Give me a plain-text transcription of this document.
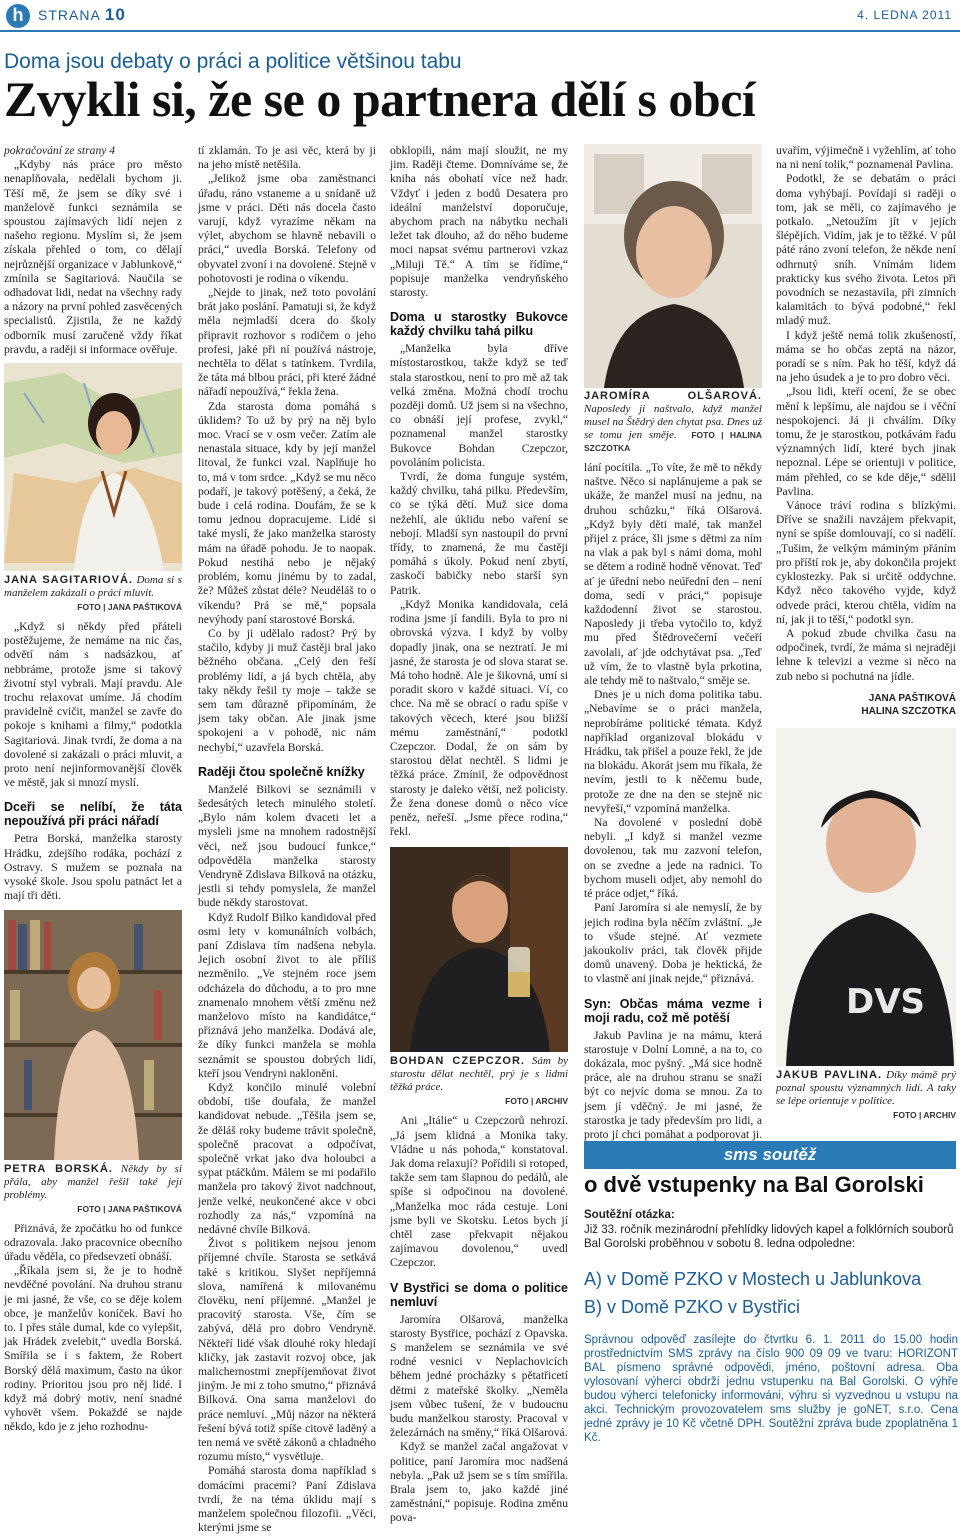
h	STRANA 10	4. LEDNA 2011
Doma jsou debaty o práci a politice většinou tabu
Zvykli si, že se o partnera dělí s obcí

pokračování ze strany 4

„Kdyby nás práce pro město nenaplňovala, nedělali bychom ji. Těší mě, že jsem se díky své i manželově funkci seznámila se spoustou zajímavých lidí nejen z našeho regionu. Myslím si, že jsem získala přehled o tom, co dělají nejrůznější organizace v Jablunkově,“ zmínila se Sagitariová. Naučila se odhadovat lidi, nedat na všechny rady a názory na první pohled zasvěcených specialistů. Zjistila, že ne každý odborník musí zaručeně vždy říkat pravdu, a raději si informace ověřuje.

JANA SAGITARIOVÁ. Doma si s manželem zakázali o práci mluvit.
FOTO | JANA PAŠTIKOVÁ

„Když si někdy před přáteli postěžujeme, že nemáme na nic čas, odvětí nám s nadsázkou, ať nebbráme, protože jsme si takový životní styl vybrali. Mají pravdu. Ale trochu relaxovat umíme. Já chodím pravidelně cvičit, manžel se zavře do pokoje s knihami a filmy,“ podotkla Sagitariová. Jinak tvrdí, že doma a na dovolené si zakázali o práci mluvit, a proto není nejinformovanější člověk ve městě, jak si mnozí myslí.

Dceři se nelíbí, že táta nepoužívá při práci nářadí

Petra Borská, manželka starosty Hrádku, zdejšího rodáka, pochází z Ostravy. S mužem se poznala na vysoké škole. Jsou spolu patnáct let a mají tři děti.

PETRA BORSKÁ. Někdy by si přála, aby manžel řešil také její problémy.
FOTO | JANA PAŠTIKOVÁ

Přiznává, že zpočátku ho od funkce odrazovala. Jako pracovnice obecního úřadu věděla, co předsevzetí obnáší.

„Říkala jsem si, že je to hodně nevděčné povolání. Na druhou stranu je mi jasné, že vše, co se děje kolem obce, je manželův koníček. Baví ho to. I přes stále dumal, kde co vylepšit, jak Hrádek zvelebit,“ uvedla Borská. Smířila se i s faktem, že Robert Borský dělá maximum, často na úkor rodiny. Prioritou jsou pro něj lidé. I když má dobrý motiv, není snadné vyhovět všem. Pokaždé se najde někdo, kdo je z jeho rozhodnu-

tí zklamán. To je asi věc, která by ji na jeho místě netěšila.

„Jelikož jsme oba zaměstnanci úřadu, ráno vstaneme a u snídaně už jsme v práci. Děti nás docela často varují, když vyrazíme někam na výlet, abychom se hlavně nebavili o práci,“ uvedla Borská. Telefony od obyvatel zvoní i na dovolené. Stejně v pohotovosti je rodina o víkendu.

„Nejde to jinak, než toto povolání brát jako poslání. Pamatuji si, že když měla nejmladší dcera do školy připravit rozhovor s rodičem o jeho profesi, jaké při ní používá nástroje, nechtěla to dělat s tatínkem. Tvrdila, že táta má blbou práci, při které žádné nářadí nepoužívá,“ řekla žena.

Zda starosta doma pomáhá s úklidem? To už by prý na něj bylo moc. Vrací se v osm večer. Zatím ale nenastala situace, kdy by její manžel litoval, že funkci vzal. Naplňuje ho to, má v tom srdce. „Když se mu něco podaří, je takový potěšený, a čeká, že bude i celá rodina. Doufám, že se k tomu jednou dopracujeme. Lidé si také myslí, že jako manželka starosty mám na úřadě pohodu. Je to naopak. Pokud nestihá nebo je nějaký problém, komu jinému by to zadal, že? Můžeš zůstat déle? Neuděláš to o víkendu? Prá se mě,“ popsala nevýhody paní starostové Borská.

Co by ji udělalo radost? Prý by stačilo, kdyby ji muž častěji bral jako běžného občana. „Celý den řeší problémy lidí, a já bych chtěla, aby taky někdy řešil ty moje – takže se sem tam důrazně připomínám, že jsem taky občan. Ale jinak jsme spokojeni a v pohodě, nic nám nechybí,“ uzavřela Borská.

Raději čtou společně knížky

Manželé Bilkovi se seznámili v šedesátých letech minulého století. „Bylo nám kolem dvaceti let a mysleli jsme na mnohem radostnější věci, než jsou budoucí funkce,“ odpověděla manželka starosty Vendryně Zdislava Bilková na otázku, jestli si tehdy pomyslela, že manžel bude někdy starostovat.

Když Rudolf Bilko kandidoval před osmi lety v komunálních volbách, paní Zdislava tím nadšena nebyla. Jejich osobní život to ale příliš nezměnilo. „Ve stejném roce jsem odcházela do důchodu, a to pro mne znamenalo mnohem větší změnu než manželovo místo na kandidátce,“ přiznává jeho manželka. Dodává ale, že díky funkci manžela se mohla seznámit se spoustou dobrých lidí, kteří jsou Vendryni nakloněni.

Když končilo minulé volební období, tiše doufala, že manžel kandidovat nebude. „Těšila jsem se, že děláš roky budeme trávit společně, společně pracovat a odpočívat, společně vrkat jako dva holoubci a sypat ptáčkům. Málem se mi podařilo manžela pro takový život nadchnout, jenže velké, neukončené akce v obci rozhodly za nás,“ vzpomíná na nedávné chvíle Bilková.

Život s politikem nejsou jenom příjemné chvíle. Starosta se setkává také s kritikou. Slyšet nepříjemná slova, namířená k milovanému člověku, není příjemné. „Manžel je pracovitý starosta. Vše, čím se zabývá, dělá pro dobro Vendryně. Někteří lidé však dlouhé roky hledají kličky, jak zastavit rozvoj obce, jak malichernostmi znepříjemňovat život jiným. Je mi z toho smutno,“ přiznává Bilková. Ona sama manželovi do práce nemluví. „Můj názor na některá řešení bývá totiž spíše citově laděný a ten nemá ve světě zákonů a chladného rozumu místo,“ vysvětluje.

Pomáhá starosta doma například s domácími pracemi? Paní Zdislava tvrdí, že na téma úklidu mají s manželem společnou filozofii. „Věci, kterými jsme se

obklopili, nám mají sloužit, ne my jim. Raději čteme. Domníváme se, že kniha nás obohatí více než hadr. Vždyť i jeden z bodů Desatera pro ideální manželství doporučuje, abychom prach na nábytku nechali ležet tak dlouho, až do něho budeme moci napsat svému partnerovi vzkaz „Miluji Tě.“ A tím se řídíme,“ popisuje manželka vendryňského starosty.

Doma u starostky Bukovce každý chvilku tahá pilku

„Manželka byla dříve místostarostkou, takže když se teď stala starostkou, není to pro mě až tak velká změna. Možná chodí trochu později domů. Už jsem si na všechno, co obnáší její profese, zvykl,“ poznamenal manžel starostky Bukovce Bohdan Czepczor, povoláním policista.

Tvrdí, že doma funguje systém, každý chvilku, tahá pilku. Především, co se týká dětí. Muž sice doma nežehlí, ale úklidu nebo vaření se nebojí. Mladší syn nastoupil do první třídy, to znamená, že mu častěji pomáhá s úkoly. Pokud není zbytí, zaskočí babičky nebo starší syn Patrik.

„Když Monika kandidovala, celá rodina jsme jí fandili. Byla to pro ni obrovská výzva. I když by volby dopadly jinak, ona se neztratí. Je mi jasné, že starosta je od slova starat se. Má toho hodně. Ale je šikovná, umí si poradit skoro v každé situaci. Ví, co chce. Na mě se obrací o radu spíše v takových věcech, které jsou bližší mému zaměstnání,“ podotkl Czepczor. Dodal, že on sám by starostou dělat nechtěl. S lidmi je těžká práce. Zmínil, že odpovědnost starosty je daleko větší, než policisty. Že žena donese domů o něco více peněz, neřeší. „Jsme přece rodina,“ řekl.

BOHDAN CZEPCZOR. Sám by starostu dělat nechtěl, prý je s lidmi těžká práce.
FOTO | ARCHIV

Ani „Itálie“ u Czepczorů nehrozí. „Já jsem klidná a Monika taky. Vládne u nás pohoda,“ konstatoval. Jak doma relaxují? Pořídili si rotoped, takže sem tam šlapnou do pedálů, ale spíše si odpočinou na dovolené. „Manželka moc ráda cestuje. Loni jsme byli ve Skotsku. Letos bych jí chtěl zase překvapit nějakou zajímavou dovolenou,“ uvedl Czepczor.

V Bystřici se doma o politice nemluví

Jaromíra Olšarová, manželka starosty Bystřice, pochází z Opavska. S manželem se seznámila ve své rodné vesnici v Neplachovicích během jedné procházky s pětatřicetí dětmi z mateřské školky. „Neměla jsem vůbec tušení, že v budoucnu budu manželkou starosty. Pracoval v železárnách na směny,“ říká Olšarová.

Když se manžel začal angažovat v politice, paní Jaromíra moc nadšená nebyla. „Pak už jsem se s tím smířila. Brala jsem to, jako každé jiné zaměstnání,“ popisuje. Rodina změnu pova-

JAROMÍRA OLŠAROVÁ. Naposledy ji naštvalo, když manžel musel na Štědrý den chytat psa. Dnes už se tomu jen směje. FOTO | HALINA SZCZOTKA

lání pocítila. „To víte, že mě to někdy naštve. Něco si naplánujeme a pak se ukáže, že manžel musí na jednu, na druhou schůzku,“ říká Olšarová. „Když byly děti malé, tak manžel přijel z práce, šli jsme s dětmi za ním na vlak a pak byl s námi doma, mohl se dětem a rodině hodně věnovat. Teď ať je úřední nebo neúřední den – není doma, sedí v práci,“ popisuje každodenní život se starostou. Naposledy ji třeba vytočilo to, když mu před Štědrovečerní večeří zavolali, ať jde odchytávat psa. „Teď už vím, že to vlastně byla prkotina, ale tehdy mě to naštvalo,“ směje se.

Dnes je u nich doma politika tabu. „Nebavíme se o práci manžela, neprobíráme politické témata. Když například organizoval blokádu v Hrádku, tak přišel a pouze řekl, že jde na blokádu. Akorát jsem mu říkala, že nevím, jestli to k něčemu bude, protože ze dne na den se stejně nic nevyřeší,“ vzpomíná manželka.

Na dovolené v poslední době nebyli. „I když si manžel vezme dovolenou, tak mu zazvoní telefon, on se zvedne a jede na radnici. To bychom museli odjet, aby nemohl do té práce odjet,“ říká.

Paní Jaromíra si ale nemyslí, že by jejich rodina byla něčím zvláštní. „Je to všude stejné. Ať vezmete jakoukoliv práci, tak člověk přijde domů unavený. Doba je hektická, že to vlastně ani jinak nejde,“ přiznává.

Syn: Občas máma vezme i moji radu, což mě potěší

Jakub Pavlina je na mámu, která starostuje v Dolní Lomné, a na to, co dokázala, moc pyšný. „Má sice hodně práce, ale na druhou stranu se snaží být co nejvíc doma se mnou. Za to jsem jí vděčný. Je mi jasné, že starostka je tady především pro lidi, a proto jí chci pomáhat a podporovat ji.

uvařím, výjimečně i vyžehlím, ať toho na ni není tolik,“ poznamenal Pavlina.

Podotkl, že se debatám o práci doma vyhýbají. Povídají si raději o tom, jak se měli, co zajímavého je potkalo. „Netoužím jít v jejích šlépějích. Vidím, jak je to těžké. V půl páté ráno zvoní telefon, že někde není odhrnutý sníh. Vnímám lidem prakticky kus svého života. Letos při povodních se nezastavila, při zimních kalamitách to bývá podobné,“ řekl mladý muž.

I když ještě nemá tolik zkušeností, máma se ho občas zeptá na názor, poradí se s ním. Pak ho těší, když dá na jeho úsudek a je to pro dobro věci.

„Jsou lidi, kteří ocení, že se obec mění k lepšímu, ale najdou se i věční nespokojenci. Já ji chválím. Díky tomu, že je starostkou, potkávám řadu významných lidí, které bych jinak nepoznal. Lépe se orientuji v politice, mám přehled, co se kde děje,“ sdělil Pavlina.

Vánoce tráví rodina s blízkými. Dříve se snažili navzájem překvapit, nyní se spíše domlouvají, co si nadělí. „Tušim, že velkým máminým přáním pro příští rok je, aby dokončila projekt cyklostezky. Pak si určitě oddychne. Když něco takového vyjde, když odvede práci, kterou chtěla, vidím na ní, jak ji to těší,“ podotkl syn.

A pokud zbude chvilka času na odpočinek, tvrdí, že máma si nejraději lehne k televizi a vezme si něco na zub nebo si pochutná na jídle.

JANA PAŠTIKOVÁ
HALINA SZCZOTKA
DVS
JAKUB PAVLINA. Díky mámě prý poznal spoustu významných lidí. A taky se lépe orientuje v politice.
FOTO | ARCHIV
sms soutěž
o dvě vstupenky na Bal Gorolski
Soutěžní otázka:
Již 33. ročník mezinárodní přehlídky lidových kapel a folklórních souborů Bal Gorolski proběhnou v sobotu 8. ledna odpoledne:
A) v Domě PZKO v Mostech u Jablunkova
B) v Domě PZKO v Bystřici
Správnou odpověď zasílejte do čtvrtku 6. 1. 2011 do 15.00 hodin prostřednictvím SMS zprávy na číslo 900 09 09 ve tvaru: HORIZONT BAL písmeno správné odpovědi, jméno, poštovní adresa. Oba vylosovaní výherci obdrží jednu vstupenku na Bal Gorolski. O výhře budou výherci telefonicky informováni, výhru si vyzvednou u vstupu na akci. Technickým provozovatelem sms služby je goNET, s.r.o. Cena jedné zprávy je 10 Kč včetně DPH. Soutěžní zpráva bude zpoplatněna 1 Kč.
